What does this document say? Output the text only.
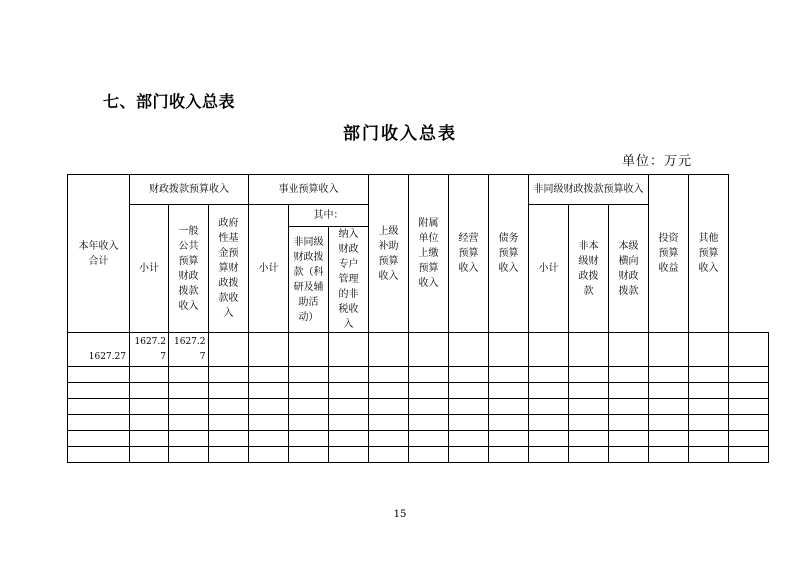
七、部门收入总表
部门收入总表
单位：万元
本年收入合计	财政拨款预算收入			事业预算收入			上级补助预算收入	附属单位上缴预算收入	经营预算收入	债务预算收入	非同级财政拨款预算收入			投资预算收益	其他预算收入	
	小计	一般公共预算财政拨款收入	政府性基金预算财政拨款收入	小计	其中：						小计	非本级财政拨款	本级横向财政拨款			
					非同级财政拨款（科研及辅助活动）	纳入财政专户管理的非税收入										
1627.27	1627.27	1627.27														

15
